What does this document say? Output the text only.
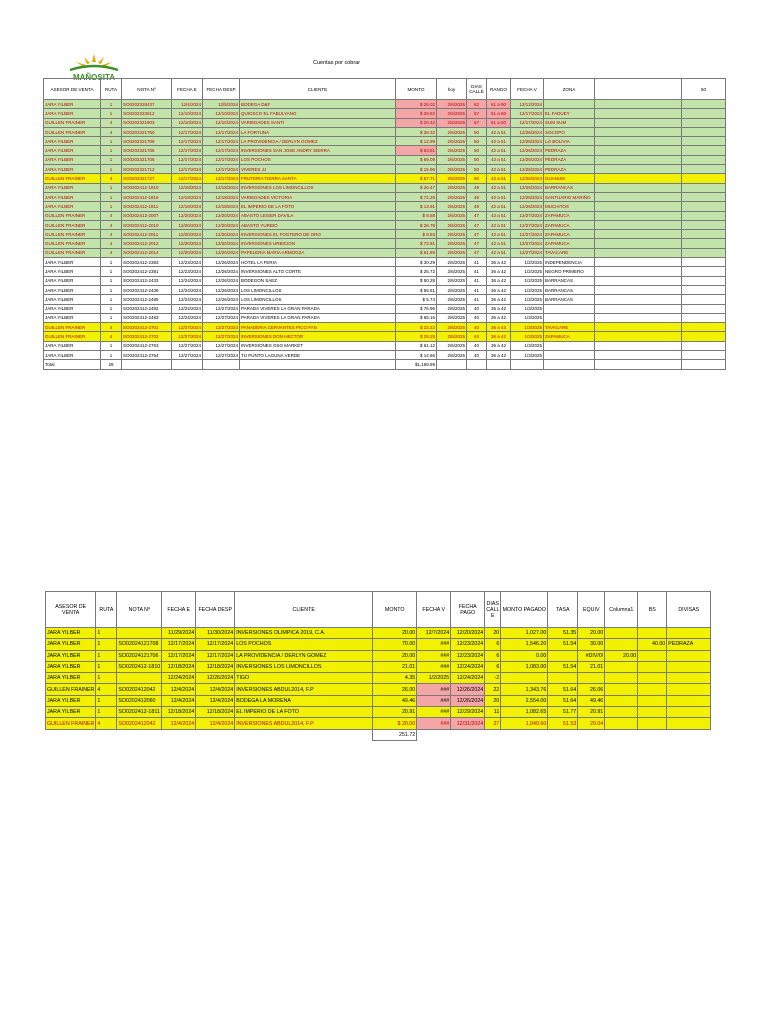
MAÑOSITA
Cuentas por cobrar
ASESOR DE VENTA	RUTA	NOTA Nº	FECHA E	FECHA DESP	CLIENTE	MONTO	hoy	DIAS CALLE	RANGO	FECHA V	ZONA		50
JARA YILBER	1	SO0202328437	12/4/2024	12/5/2024	BODEGA D&F	$ 26.02	2/6/2025	62	61 a 90	12/12/2024			
JARA YILBER	1	SO0202323612	12/10/2024	12/10/2024	QUIOSCO EL FABULYANO	$ 20.82	2/6/2025	57	61 a 60	12/17/2024	EL FADUEY		
GUILLEN FRAINER	4	SO0202321803	12/10/2024	12/10/2024	VARIEDADES SANTI	$ 20.42	2/6/2025	57	61 a 60	12/17/2024	SUM SUM		
GUILLEN FRAINER	4	SO0202321760	12/17/2024	12/17/2024	LA FORTUNA	$ 39.32	2/6/2025	50	42 a 51	12/26/2024	SOCOPO		
JARA YILBER	1	SO0202321706	12/17/2024	12/17/2024	LA PROVIDENCIA / DERLYN GOMEZ	$ 12.99	2/6/2025	50	42 a 51	12/26/2024	LO BOLIVIA		
JARA YILBER	1	SO0202321706	12/17/2024	12/17/2024	INVERSIONES SAN JOSE ANDRY SIERRA	$ 63.51	2/6/2025	50	42 a 51	12/26/2024	PEDRAZA		
JARA YILBER	1	SO0202321706	12/17/2024	12/17/2024	LOS POCHOS	$ 69.09	2/6/2025	50	42 a 51	12/26/2024	PEDRAZA		
JARA YILBER	1	SO0202321712	12/17/2024	12/17/2024	VIVERES JJ	$ 15.96	2/6/2025	50	42 a 51	12/26/2024	PEDRAZA		
GUILLEN FRAINER	4	SO0202321727	12/17/2024	12/17/2024	FRUTERIA TIERRA SANTA	$ 57.71	2/6/2025	50	42 a 51	12/26/2024	GUANUM		
JARA YILBER	1	SO0202412-1810	12/18/2024	12/18/2024	INVERSIONES LOS LIMONCILLOS	$ 26.47	2/6/2025	49	42 a 51	12/26/2024	BARRANCAS		
JARA YILBER	1	SO0202412-1816	12/18/2024	12/18/2024	VARIEDADES VICTORIA	$ 72.26	2/6/2025	49	42 a 51	12/26/2024	SANTUARIO MARIÑO		
JARA YILBER	1	SO0202412-1811	12/18/2024	12/18/2024	EL IMPERIO DE LA FOTO	$ 13.91	2/6/2025	49	42 a 51	12/26/2024	MUCHITOS		
GUILLEN FRAINER	4	SO0202412-2007	12/20/2024	12/20/2024	ABASTO LEISER DAVILA	$ 8.58	2/6/2025	47	42 a 51	12/27/2024	ZAPAMUCA		
GUILLEN FRAINER	4	SO0202412-2010	12/20/2024	12/20/2024	ABASTO YURBIO	$ 26.76	2/6/2025	47	42 a 51	12/27/2024	ZAPAMUCA		
GUILLEN FRAINER	4	SO0202412-2011	12/20/2024	12/20/2024	INVERSIONES EL FOGTERO DE ORO	$ 8.83	2/6/2025	47	42 a 51	12/27/2024	ZAPAMUCA		
GUILLEN FRAINER	4	SO0202412-2012	12/20/2024	12/20/2024	INVERSIONES URBICION	$ 72.81	2/6/2025	47	42 a 51	12/27/2024	ZAPAMUCA		
GUILLEN FRAINER	4	SO0202412-2014	12/20/2024	12/20/2024	PAPELERIA MARIA ARMOGZA	$ 61.69	2/6/2025	47	42 a 51	12/27/2024	TAVACARE		
JARA YILBER	1	SO0202412-2383	12/23/2024	12/26/2024	HOTEL LA FERIA	$ 30.29	2/6/2025	41	36 a 42	1/2/2025	INDEPENDENCIA		
JARA YILBER	1	SO0202412-2381	12/23/2024	12/26/2024	INVERSIONES ALTO CORTE	$ 25.72	2/6/2025	41	36 a 42	1/2/2025	NEGRO PRIMERO		
JARA YILBER	1	SO0202412-2433	12/24/2024	12/26/2024	BODEGON SAEZ	$ 50.28	2/6/2025	41	36 a 42	1/2/2025	BARRANCAS		
JARA YILBER	1	SO0202412-2438	12/24/2024	12/26/2024	LOS LIMONCILLOS	$ 55.61	2/6/2025	41	36 a 42	1/2/2025	BARRANCAS		
JARA YILBER	1	SO0202412-2485	12/24/2024	12/26/2024	LOS LIMONCILLOS	$ 5.74	2/6/2025	41	36 a 42	1/2/2025	BARRANCAS		
JARA YILBER	1	SO0202412-2482	12/24/2024	12/27/2024	PARADA VIVERES LA GRAN PARADA	$ 76.96	2/6/2025	40	36 a 42	1/3/2025			
JARA YILBER	1	SO0202412-2483	12/24/2024	12/27/2024	PARADA VIVERES LA GRAN PARADA	$ 65.16	2/6/2025	40	36 a 42	1/3/2025			
GUILLEN FRAINER	4	SO0202412-2701	12/27/2024	12/27/2024	PANADERIA CERVANTES PICO FAN	$ 22.22	2/6/2025	40	36 a 42	1/3/2025	TAVACARE		
GUILLEN FRAINER	4	SO0202412-2702	12/27/2024	12/27/2024	INVERSIONES DON HECTOR	$ 29.25	2/6/2025	40	36 a 42	1/3/2025	ZAPAMUCA		
JARA YILBER	1	SO0202412-2763	12/27/2024	12/27/2024	INVERSIONES OSO MARKET	$ 61.12	2/6/2025	40	36 a 42	1/3/2025			
JARA YILBER	1	SO0202412-2764	12/27/2024	12/27/2024	TU PUNTO LAGUNA VERDE	$ 14.66	2/6/2025	40	36 a 42	1/3/2025			
Total	28					$1,159.59							
ASESOR DE VENTA	RUTA	NOTA Nº	FECHA E	FECHA DESP	CLIENTE	MONTO	FECHA V	FECHA PAGO	DIAS CALL E	MONTO PAGADO	TASA	EQUIV	Columna1	BS	DIVISAS
JARA YILBER	1		11/29/2024	11/30/2024	INVERSIONES OLIMPICA 2019, C.A.	20.00	12/7/2024	12/20/2024	20	1,027.00	51.35	20.00			
JARA YILBER	1	SO02024121708	12/17/2024	12/17/2024	LOS POCHOS	70.00	###	12/23/2024	6	1,546.20	51.54	30.00		40.00	PEDRAZA
JARA YILBER	1	SO02024121706	12/17/2024	12/17/2024	LA PROVIDENCIA / DERLYN GOMEZ	20.00	###	12/23/2024	6	0.00		#DIV/0!	20.00		
JARA YILBER	1	SO0202412-1810	12/18/2024	12/18/2024	INVERSIONES LOS LIMONCILLOS	21.01	###	12/24/2024	6	1,083.00	51.54	21.01			
JARA YILBER	1		12/24/2024	12/26/2024	TIGO	4.35	1/2/2025	12/24/2024	-2						
GUILLEN FRAINER	4	SO0202412042	12/4/2024	12/4/2024	INVERSIONES ABDUL2014, F.P	26.00	###	12/26/2024	22	1,343.76	51.64	26.06			
JARA YILBER	1	SO0202412060	12/4/2024	12/4/2024	BODEGA LA MORENA	49.46	###	12/26/2024	20	2,554.00	51.64	49.46			
JARA YILBER	1	SO0202412-1811	12/18/2024	12/18/2024	EL IMPERIO DE LA FOTO	20.91	###	12/29/2024	11	1,082.65	51.77	20.91			
GUILLEN FRAINER	4	SO0202412042	12/4/2024	12/4/2024	INVERSIONES ABDUL2014, F.P	$ 20.00	###	12/31/2024	27	1,040.60	51.53	20.04			
						251.72									
